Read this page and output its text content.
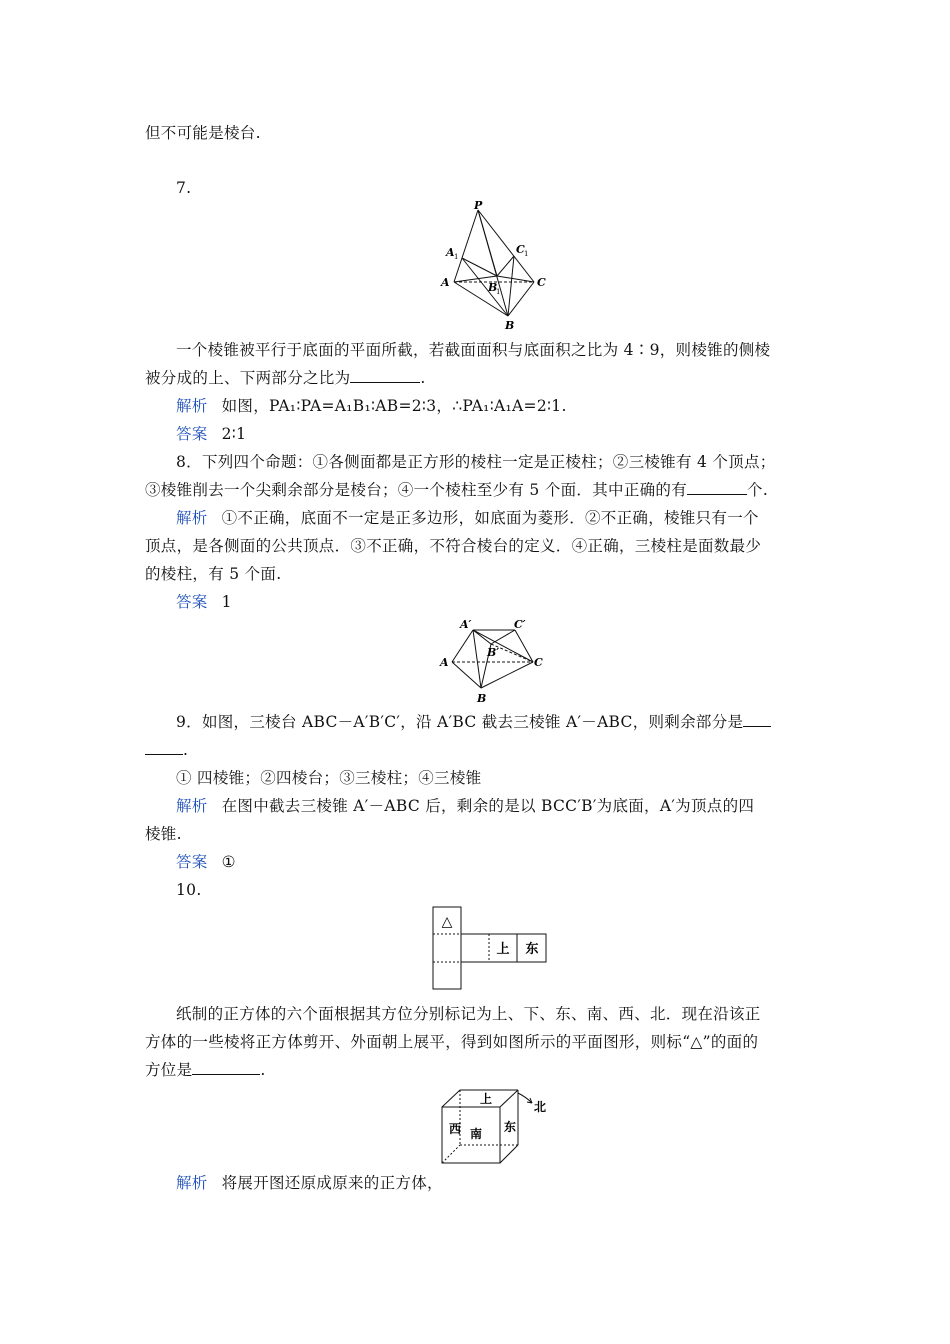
但不可能是棱台.
7.
P
A 1
C 1
A	B
1
C
B
一个棱锥被平行于底面的平面所截，若截面面积与底面积之比为 4∶9，则棱锥的侧棱
被分成的上、下两部分之比为	.
解析 如图，PA₁∶PA=A₁B₁∶AB=2∶3，∴PA₁∶A₁A=2∶1.
答案 2∶1
8．下列四个命题：①各侧面都是正方形的棱柱一定是正棱柱；②三棱锥有 4 个顶点；
③棱锥削去一个尖剩余部分是棱台；④一个棱柱至少有 5 个面．其中正确的有	个.
解析 ①不正确，底面不一定是正多边形，如底面为菱形．②不正确，棱锥只有一个
顶点，是各侧面的公共顶点．③不正确，不符合棱台的定义．④正确，三棱柱是面数最少
的棱柱，有 5 个面.
答案 1
A′	C′
B′
A	C
B
9．如图，三棱台 ABC－A′B′C′，沿 A′BC 截去三棱锥 A′－ABC，则剩余部分是
.
① 四棱锥；②四棱台；③三棱柱；④三棱锥
解析 在图中截去三棱锥 A′－ABC 后，剩余的是以 BCC′B′为底面，A′为顶点的四
棱锥.
答案 ①
10.
△
上 东
纸制的正方体的六个面根据其方位分别标记为上、下、东、南、西、北．现在沿该正
方体的一些棱将正方体剪开、外面朝上展平，得到如图所示的平面图形，则标“△”的面的
方位是	.
上
北
西 南 东
解析 将展开图还原成原来的正方体，
